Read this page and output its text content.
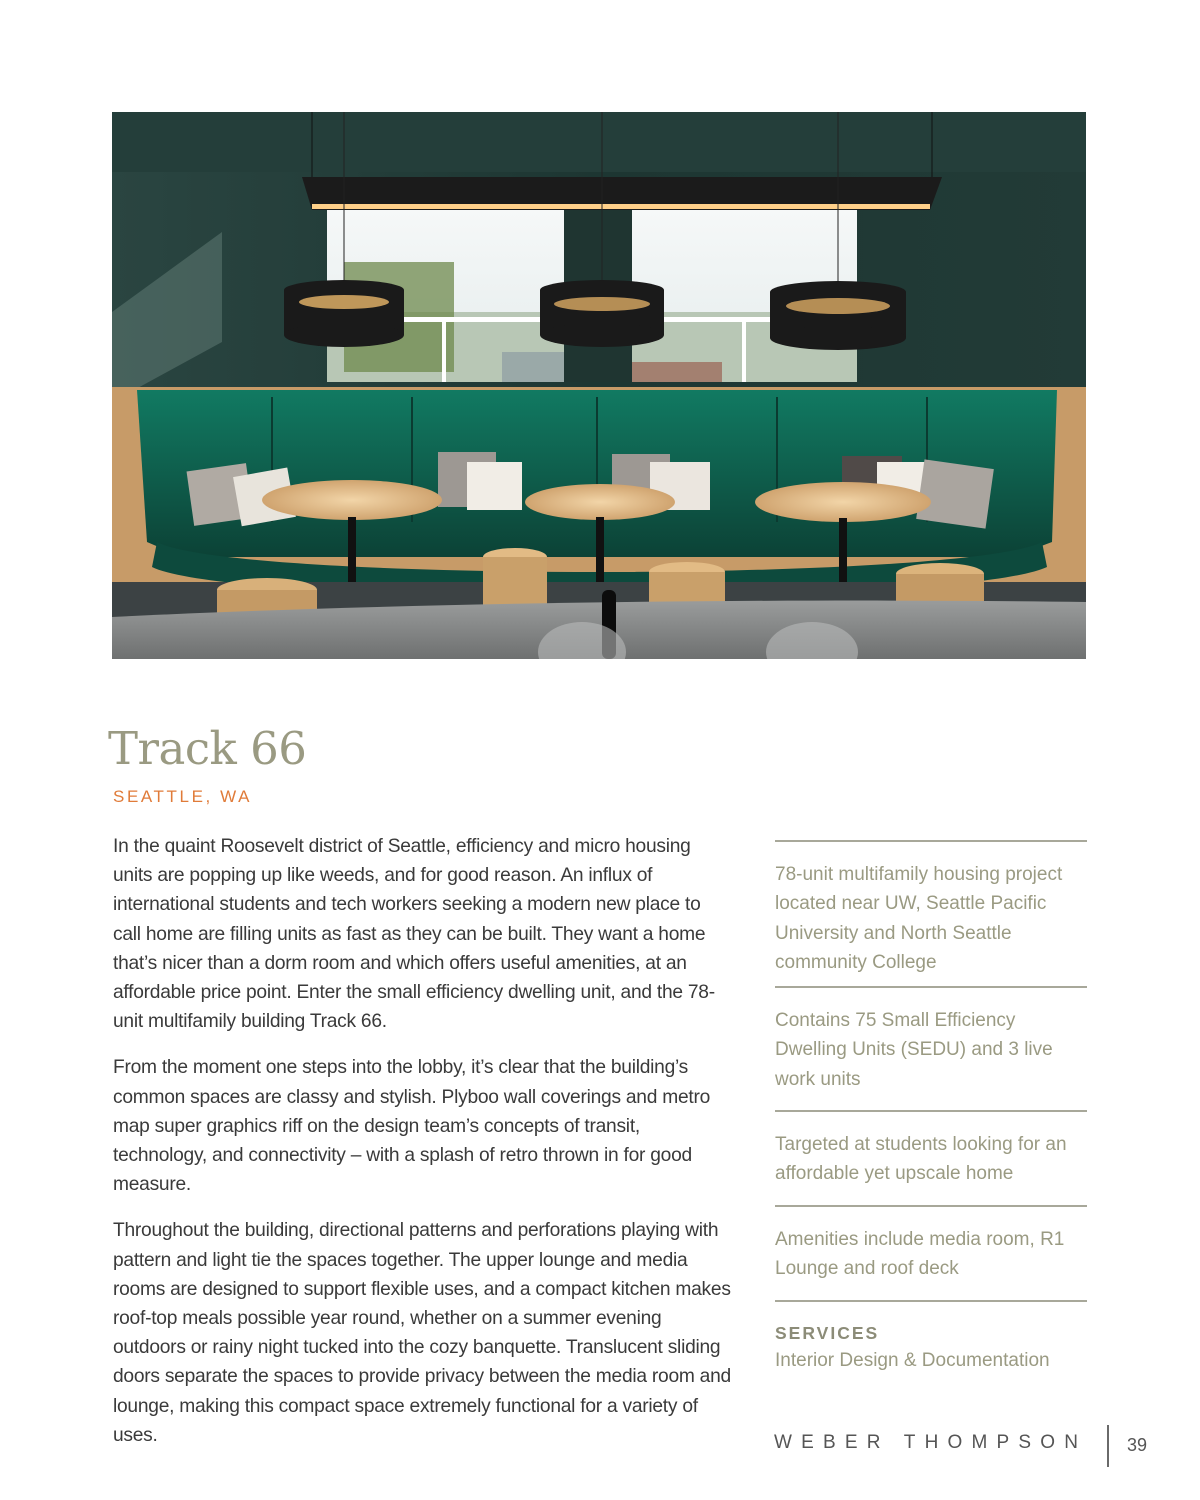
Track 66
SEATTLE, WA

In the quaint Roosevelt district of Seattle, efficiency and micro housing units are popping up like weeds, and for good reason. An influx of international students and tech workers seeking a modern new place to call home are filling units as fast as they can be built. They want a home that’s nicer than a dorm room and which offers useful amenities, at an affordable price point. Enter the small efficiency dwelling unit, and the 78-unit multifamily building Track 66.

From the moment one steps into the lobby, it’s clear that the building’s common spaces are classy and stylish. Plyboo wall coverings and metro map super graphics riff on the design team’s concepts of transit, technology, and connectivity – with a splash of retro thrown in for good measure.

Throughout the building, directional patterns and perforations playing with pattern and light tie the spaces together. The upper lounge and media rooms are designed to support flexible uses, and a compact kitchen makes roof-top meals possible year round, whether on a summer evening outdoors or rainy night tucked into the cozy banquette. Translucent sliding doors separate the spaces to provide privacy between the media room and lounge, making this compact space extremely functional for a variety of uses.

78-unit multifamily housing project located near UW, Seattle Pacific University and North Seattle community College
Contains 75 Small Efficiency Dwelling Units (SEDU) and 3 live work units
Targeted at students looking for an affordable yet upscale home
Amenities include media room, R1 Lounge and roof deck
SERVICES
Interior Design & Documentation
WEBER THOMPSON 39
